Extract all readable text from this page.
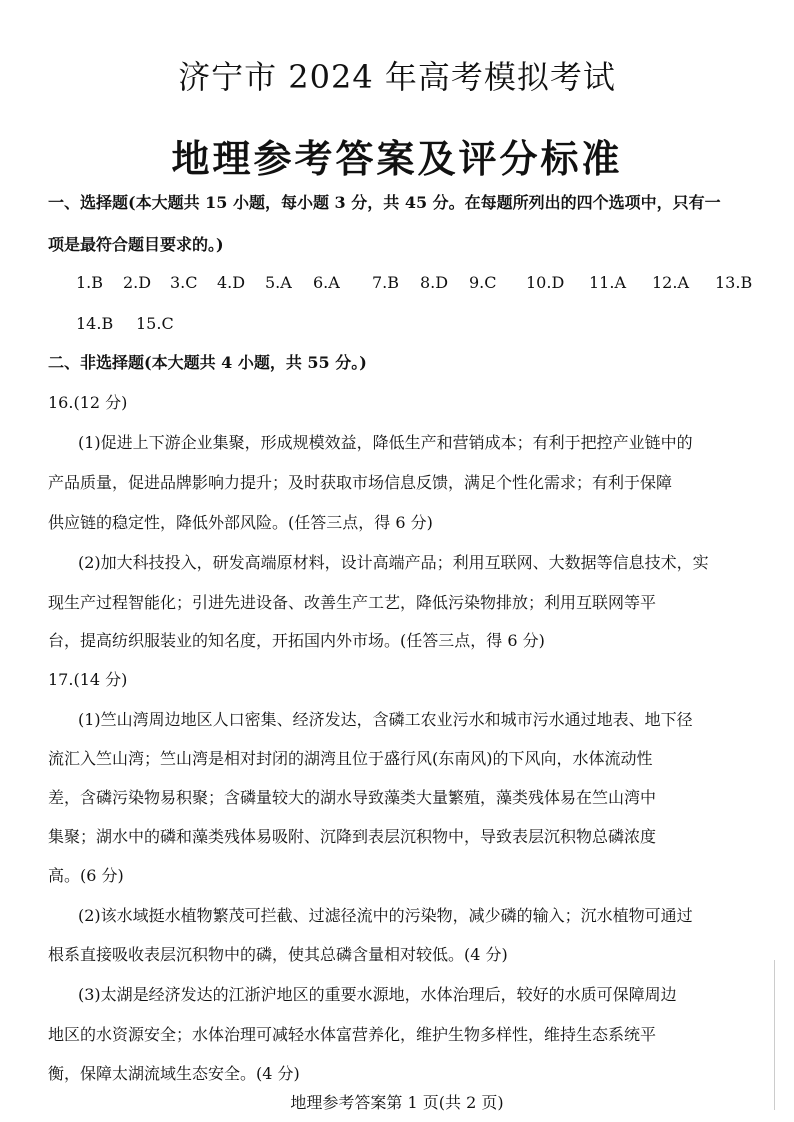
济宁市 2024 年高考模拟考试
地理参考答案及评分标准
一、选择题(本大题共 15 小题，每小题 3 分，共 45 分。在每题所列出的四个选项中，只有一
项是最符合题目要求的。)
1.B 2.D 3.C 4.D 5.A 6.A 7.B 8.D 9.C 10.D 11.A 12.A 13.B
14.B 15.C
二、非选择题(本大题共 4 小题，共 55 分。)
16.(12 分)
(1)促进上下游企业集聚，形成规模效益，降低生产和营销成本；有利于把控产业链中的
产品质量，促进品牌影响力提升；及时获取市场信息反馈，满足个性化需求；有利于保障
供应链的稳定性，降低外部风险。(任答三点，得 6 分)
(2)加大科技投入，研发高端原材料，设计高端产品；利用互联网、大数据等信息技术，实
现生产过程智能化；引进先进设备、改善生产工艺，降低污染物排放；利用互联网等平
台，提高纺织服装业的知名度，开拓国内外市场。(任答三点，得 6 分)
17.(14 分)
(1)竺山湾周边地区人口密集、经济发达，含磷工农业污水和城市污水通过地表、地下径
流汇入竺山湾；竺山湾是相对封闭的湖湾且位于盛行风(东南风)的下风向，水体流动性
差，含磷污染物易积聚；含磷量较大的湖水导致藻类大量繁殖，藻类残体易在竺山湾中
集聚；湖水中的磷和藻类残体易吸附、沉降到表层沉积物中，导致表层沉积物总磷浓度
高。(6 分)
(2)该水域挺水植物繁茂可拦截、过滤径流中的污染物，减少磷的输入；沉水植物可通过
根系直接吸收表层沉积物中的磷，使其总磷含量相对较低。(4 分)
(3)太湖是经济发达的江浙沪地区的重要水源地，水体治理后，较好的水质可保障周边
地区的水资源安全；水体治理可减轻水体富营养化，维护生物多样性，维持生态系统平
衡，保障太湖流域生态安全。(4 分)
地理参考答案第 1 页(共 2 页)
